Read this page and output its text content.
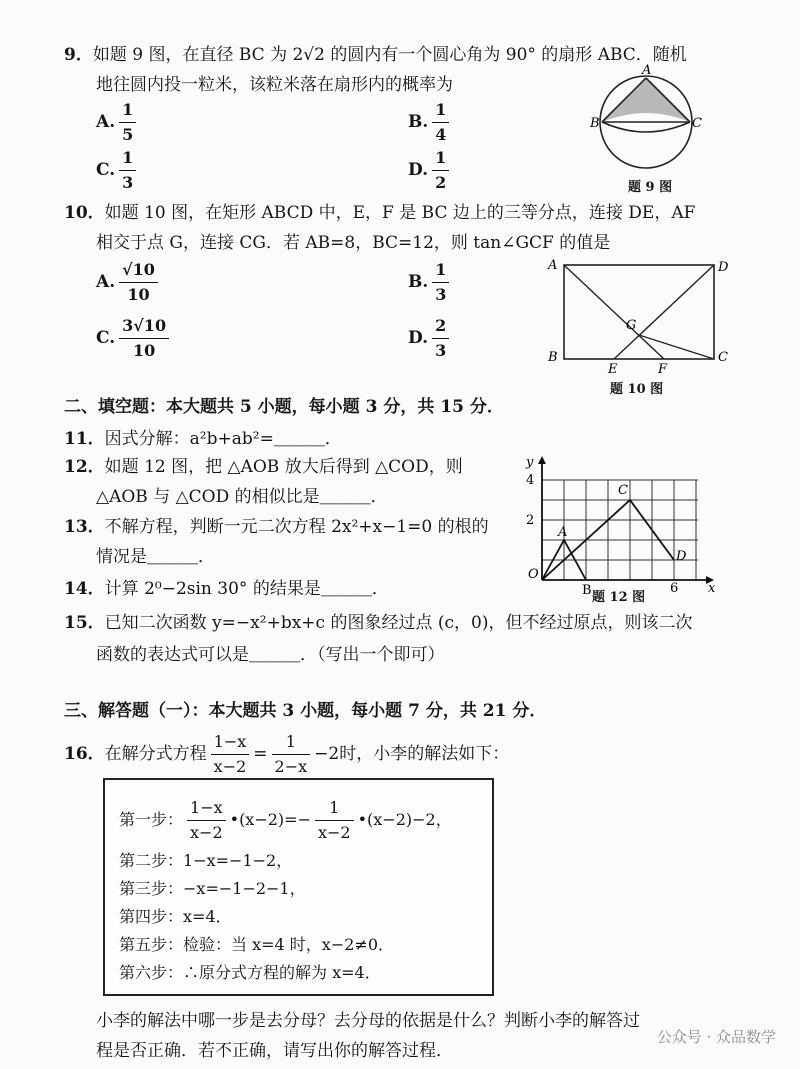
9．如题 9 图，在直径 BC 为 2√2 的圆内有一个圆心角为 90° 的扇形 ABC．随机
地往圆内投一粒米，该粒米落在扇形内的概率为
A. $\frac{1}{5}$	B. $\frac{1}{4}$
C. $\frac{1}{3}$	D. $\frac{1}{2}$
A
B	C
题 9 图
10．如题 10 图，在矩形 ABCD 中，E，F 是 BC 边上的三等分点，连接 DE，AF
相交于点 G，连接 CG．若 AB=8，BC=12，则 tan∠GCF 的值是
A. $\frac{√10}{10}$	B. $\frac{1}{3}$
C. $\frac{3√10}{10}$	D. $\frac{2}{3}$
A	D
G
B
E	F
C
题 10 图
二、填空题：本大题共 5 小题，每小题 3 分，共 15 分．
11．因式分解：a²b+ab²=＿＿＿．
12．如题 12 图，把 △AOB 放大后得到 △COD，则
△AOB 与 △COD 的相似比是＿＿＿．
13．不解方程，判断一元二次方程 2x²+x−1=0 的根的
情况是＿＿＿．
14．计算 2⁰−2sin 30° 的结果是＿＿＿．
y
4
2
O
B	6 x
A
C
D
题 12 图
15．已知二次函数 y=−x²+bx+c 的图象经过点 (c，0)，但不经过原点，则该二次
函数的表达式可以是＿＿＿．（写出一个即可）
三、解答题（一）：本大题共 3 小题，每小题 7 分，共 21 分．
16．在解分式方程 $\frac{1-x}{x-2} = \frac{1}{2-x} -2$时，小李的解法如下：
第一步： $\frac{1-x}{x-2}$ •(x−2)=− $\frac{1}{x-2}$ •(x−2)−2，
第二步：1−x=−1−2，
第三步：−x=−1−2−1，
第四步：x=4．
第五步：检验：当 x=4 时，x−2≠0．
第六步：∴原分式方程的解为 x=4．
小李的解法中哪一步是去分母？去分母的依据是什么？判断小李的解答过
程是否正确．若不正确，请写出你的解答过程．
公众号 · 众品数学
